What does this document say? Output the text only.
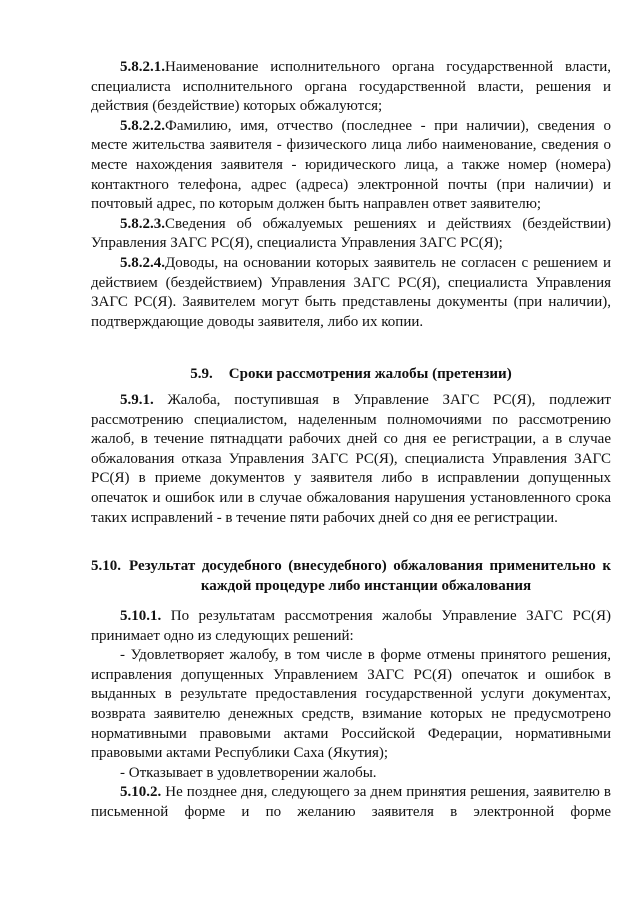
5.8.2.1.Наименование исполнительного органа государственной власти, специалиста исполнительного органа государственной власти, решения и действия (бездействие) которых обжалуются;

5.8.2.2.Фамилию, имя, отчество (последнее - при наличии), сведения о месте жительства заявителя - физического лица либо наименование, сведения о месте нахождения заявителя - юридического лица, а также номер (номера) контактного телефона, адрес (адреса) электронной почты (при наличии) и почтовый адрес, по которым должен быть направлен ответ заявителю;

5.8.2.3.Сведения об обжалуемых решениях и действиях (бездействии) Управления ЗАГС РС(Я), специалиста Управления ЗАГС РС(Я);

5.8.2.4.Доводы, на основании которых заявитель не согласен с решением и действием (бездействием) Управления ЗАГС РС(Я), специалиста Управления ЗАГС РС(Я). Заявителем могут быть представлены документы (при наличии), подтверждающие доводы заявителя, либо их копии.

5.9. Сроки рассмотрения жалобы (претензии)

5.9.1. Жалоба, поступившая в Управление ЗАГС РС(Я), подлежит рассмотрению специалистом, наделенным полномочиями по рассмотрению жалоб, в течение пятнадцати рабочих дней со дня ее регистрации, а в случае обжалования отказа Управления ЗАГС РС(Я), специалиста Управления ЗАГС РС(Я) в приеме документов у заявителя либо в исправлении допущенных опечаток и ошибок или в случае обжалования нарушения установленного срока таких исправлений - в течение пяти рабочих дней со дня ее регистрации.

5.10. Результат досудебного (внесудебного) обжалования применительно к
каждой процедуре либо инстанции обжалования

5.10.1. По результатам рассмотрения жалобы Управление ЗАГС РС(Я) принимает одно из следующих решений:

- Удовлетворяет жалобу, в том числе в форме отмены принятого решения, исправления допущенных Управлением ЗАГС РС(Я) опечаток и ошибок в выданных в результате предоставления государственной услуги документах, возврата заявителю денежных средств, взимание которых не предусмотрено нормативными правовыми актами Российской Федерации, нормативными правовыми актами Республики Саха (Якутия);

- Отказывает в удовлетворении жалобы.

5.10.2. Не позднее дня, следующего за днем принятия решения, заявителю в письменной форме и по желанию заявителя в электронной форме
